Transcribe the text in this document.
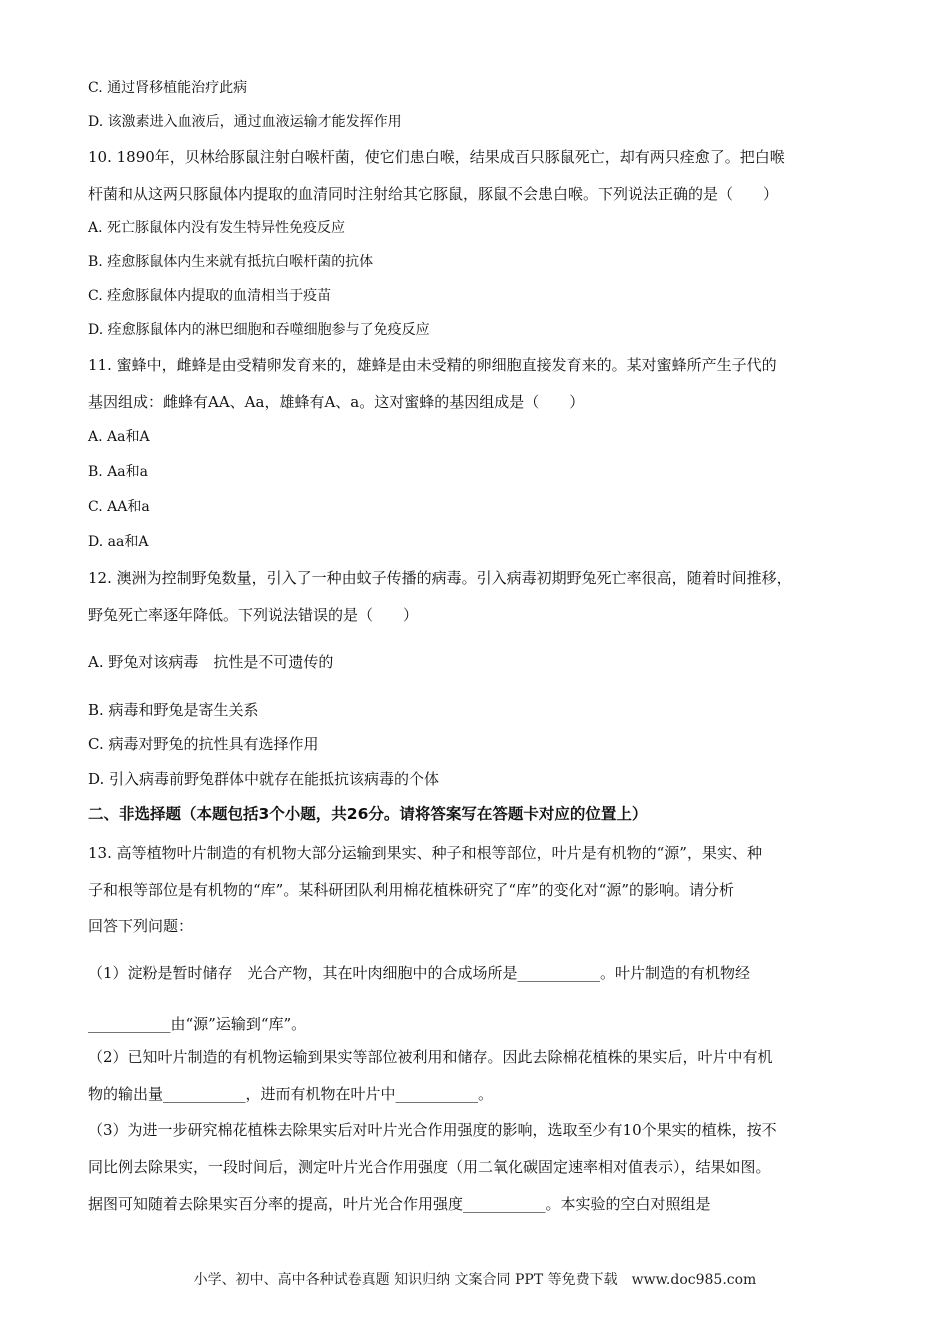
C. 通过肾移植能治疗此病
D. 该激素进入血液后，通过血液运输才能发挥作用
10. 1890年，贝林给豚鼠注射白喉杆菌，使它们患白喉，结果成百只豚鼠死亡，却有两只痊愈了。把白喉
杆菌和从这两只豚鼠体内提取的血清同时注射给其它豚鼠，豚鼠不会患白喉。下列说法正确的是（　　）
A. 死亡豚鼠体内没有发生特异性免疫反应
B. 痊愈豚鼠体内生来就有抵抗白喉杆菌的抗体
C. 痊愈豚鼠体内提取的血清相当于疫苗
D. 痊愈豚鼠体内的淋巴细胞和吞噬细胞参与了免疫反应
11. 蜜蜂中，雌蜂是由受精卵发育来的，雄蜂是由未受精的卵细胞直接发育来的。某对蜜蜂所产生子代的
基因组成：雌蜂有AA、Aa，雄蜂有A、a。这对蜜蜂的基因组成是（　　）
A. Aa和A
B. Aa和a
C. AA和a
D. aa和A
12. 澳洲为控制野兔数量，引入了一种由蚊子传播的病毒。引入病毒初期野兔死亡率很高，随着时间推移，
野兔死亡率逐年降低。下列说法错误的是（　　）
A. 野兔对该病毒　抗性是不可遗传的
B. 病毒和野兔是寄生关系
C. 病毒对野兔的抗性具有选择作用
D. 引入病毒前野兔群体中就存在能抵抗该病毒的个体
二、非选择题（本题包括3个小题，共26分。请将答案写在答题卡对应的位置上）
13. 高等植物叶片制造的有机物大部分运输到果实、种子和根等部位，叶片是有机物的“源”，果实、种
子和根等部位是有机物的“库”。某科研团队利用棉花植株研究了“库”的变化对“源”的影响。请分析
回答下列问题：
（1）淀粉是暂时储存　光合产物，其在叶肉细胞中的合成场所是___________。叶片制造的有机物经
___________由“源”运输到“库”。
（2）已知叶片制造的有机物运输到果实等部位被利用和储存。因此去除棉花植株的果实后，叶片中有机
物的输出量___________，进而有机物在叶片中___________。
（3）为进一步研究棉花植株去除果实后对叶片光合作用强度的影响，选取至少有10个果实的植株，按不
同比例去除果实，一段时间后，测定叶片光合作用强度（用二氧化碳固定速率相对值表示），结果如图。
据图可知随着去除果实百分率的提高，叶片光合作用强度___________。本实验的空白对照组是
小学、初中、高中各种试卷真题 知识归纳 文案合同 PPT 等免费下载　www.doc985.com
